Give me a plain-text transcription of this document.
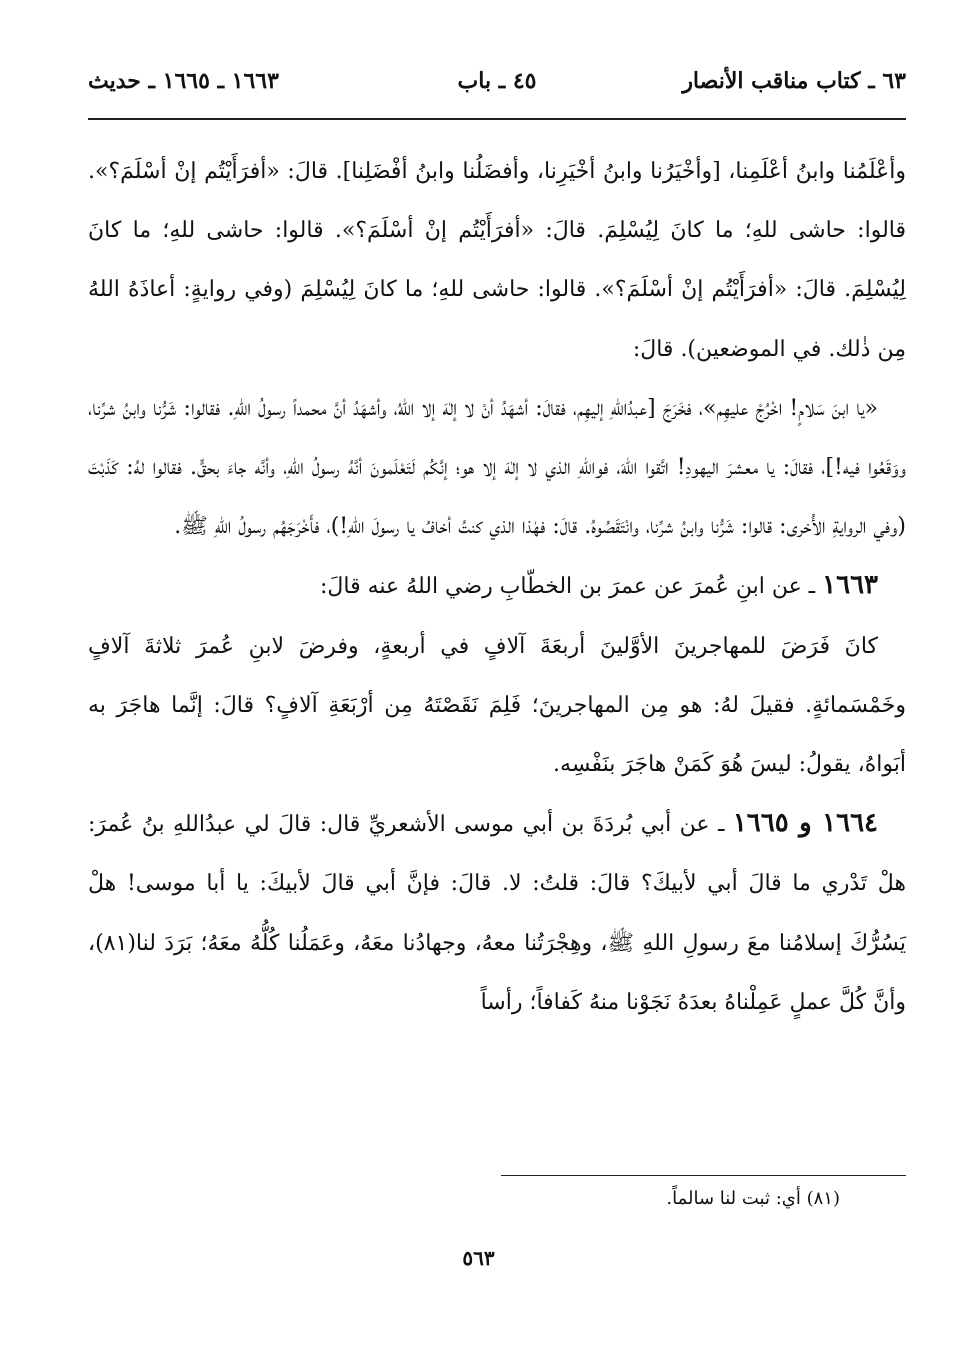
٦٣ ـ كتاب مناقب الأنصار
٤٥ ـ باب
١٦٦٣ ـ ١٦٦٥ ـ حديث

وأعْلَمُنا وابنُ أعْلَمِنا، [وأخْيَرُنا وابنُ أخْيَرِنا، وأفضَلُنا وابنُ أفْضَلِنا]. قالَ: «أفرَأَيْتُم إنْ أسْلَمَ؟». قالوا: حاشى للهِ؛ ما كانَ لِيُسْلِمَ. قالَ: «أفرَأَيْتُم إنْ أسْلَمَ؟». قالوا: حاشى للهِ؛ ما كانَ لِيُسْلِمَ. قالَ: «أفرَأَيْتُم إنْ أسْلَمَ؟». قالوا: حاشى للهِ؛ ما كانَ لِيُسْلِمَ (وفي روايةٍ: أعاذَهُ اللهُ مِن ذٰلك. في الموضعين). قالَ:

«يا ابنَ سَلامٍ! اخْرُجْ عليهِم»، فخَرَجَ [عبدُاللهِ إليهِم، فقالَ: أشهَدُ أنْ لا إلٰهَ إلا اللهُ، وأشهَدُ أنَّ محمداً رسولُ اللهِ. فقالوا: شَرُّنا وابنُ شرِّنا، ووَقَعُوا فيه!]، فقالَ: يا معشرَ اليهودِ! اتَّقوا اللهَ، فواللهِ الذي لا إلٰهَ إلا هو؛ إنَّكُم لَتَعْلَمونَ أنَّهُ رسولُ اللهِ، وأنَّه جاءَ بحقٍّ. فقالوا لهُ: كَذَبْتَ (وفي الروايةِ الأُخرى: قالوا: شَرُّنا وابنُ شرِّنا، وانْتَقَصُوهُ. قالَ: فهٰذا الذي كنتُ أخافُ يا رسولَ اللهِ!)، فأَخْرَجَهُم رسولُ اللهِ ﷺ.

١٦٦٣ ـ عن ابنِ عُمرَ عن عمرَ بن الخطّابِ رضي اللهُ عنه قالَ:

كانَ فَرَضَ للمهاجرينَ الأوَّلينَ أربعَةَ آلافٍ في أربعةٍ، وفرضَ لابنِ عُمرَ ثلاثةَ آلافٍ وخَمْسَمائةٍ. فقيلَ لهُ: هو مِن المهاجرينَ؛ فَلِمَ نَقَصْتَهُ مِن أرْبَعَةِ آلافٍ؟ قالَ: إنَّما هاجَرَ به أبَواهُ، يقولُ: ليسَ هُوَ كَمَنْ هاجَرَ بنَفْسِه.

١٦٦٤ و ١٦٦٥ ـ عن أبي بُردَةَ بن أبي موسى الأشعريِّ قال: قالَ لي عبدُاللهِ بنُ عُمرَ: هلْ تَدْري ما قالَ أبي لأبيكَ؟ قالَ: قلتُ: لا. قالَ: فإنَّ أبي قالَ لأبيكَ: يا أبا موسى! هلْ يَسُرُّكَ إسلامُنا معَ رسولِ اللهِ ﷺ، وهِجْرَتُنا معهُ، وجهادُنا معَهُ، وعَمَلُنا كُلُّهُ معَهُ؛ بَرَدَ لنا(٨١)، وأنَّ كُلَّ عملٍ عَمِلْناهُ بعدَهُ نَجَوْنا منهُ كَفافاً؛ رأساً

(٨١) أي: ثبت لنا سالماً.
٥٦٣
